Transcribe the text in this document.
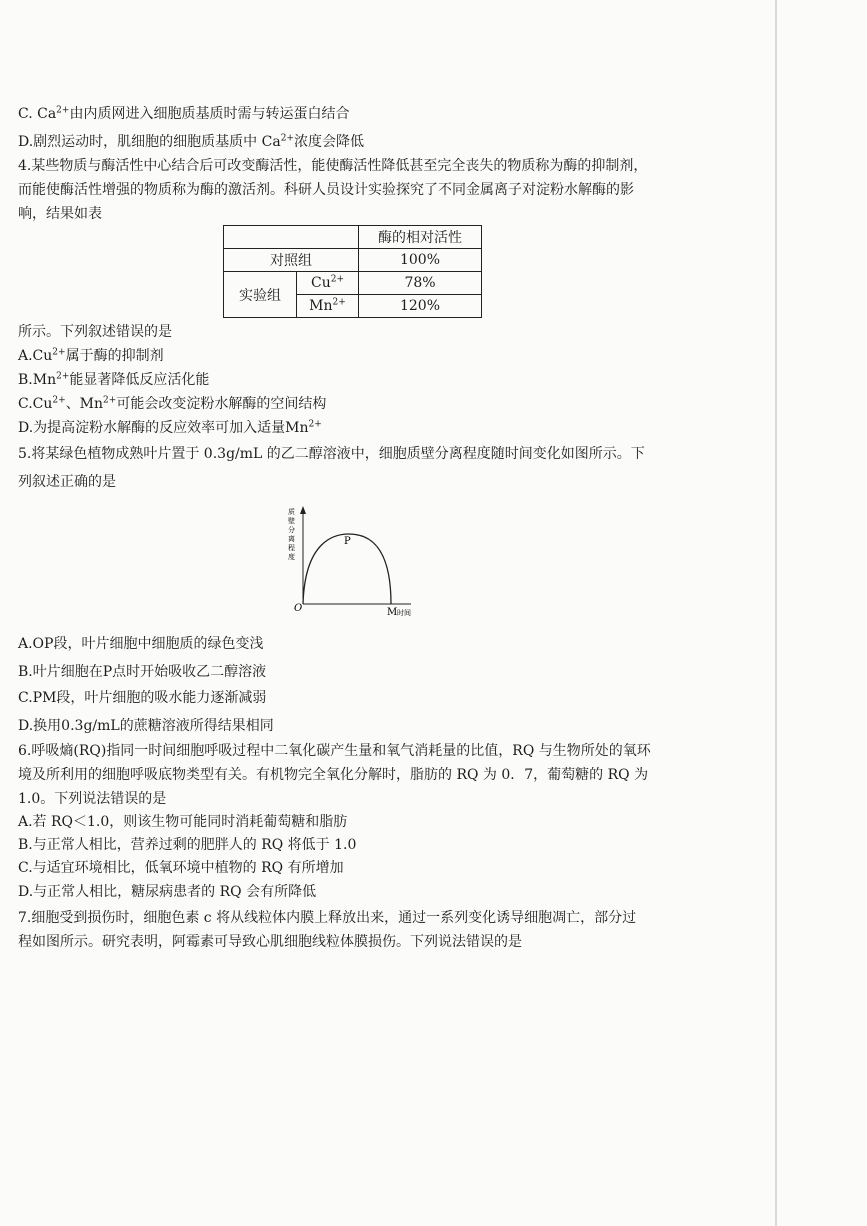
C. $Ca^{2+}$由内质网进入细胞质基质时需与转运蛋白结合
D.剧烈运动时，肌细胞的细胞质基质中 $Ca^{2+}$浓度会降低
4.某些物质与酶活性中心结合后可改变酶活性，能使酶活性降低甚至完全丧失的物质称为酶的抑制剂，
而能使酶活性增强的物质称为酶的激活剂。科研人员设计实验探究了不同金属离子对淀粉水解酶的影
响，结果如表
		酶的相对活性
对照组		100%
实验组	$Cu^{2+}$	78%
	$Mn^{2+}$	120%
所示。下列叙述错误的是
$A.Cu^{2+}$属于酶的抑制剂
$B.Mn^{2+}$能显著降低反应活化能
$C.Cu^{2+}$、$Mn^{2+}$可能会改变淀粉水解酶的空间结构
D.为提高淀粉水解酶的反应效率可加入适量$Mn^{2+}$
5.将某绿色植物成熟叶片置于 0.3g/mL 的乙二醇溶液中，细胞质壁分离程度随时间变化如图所示。下
列叙述正确的是
质壁分离程度
O
P
M 时间
A.OP段，叶片细胞中细胞质的绿色变浅
B.叶片细胞在P点时开始吸收乙二醇溶液
C.PM段，叶片细胞的吸水能力逐渐减弱
D.换用0.3g/mL的蔗糖溶液所得结果相同
6.呼吸熵(RQ)指同一时间细胞呼吸过程中二氧化碳产生量和氧气消耗量的比值，RQ 与生物所处的氧环
境及所利用的细胞呼吸底物类型有关。有机物完全氧化分解时，脂肪的 RQ 为 0．7，葡萄糖的 RQ 为
1.0。下列说法错误的是
A.若 RQ＜1.0，则该生物可能同时消耗葡萄糖和脂肪
B.与正常人相比，营养过剩的肥胖人的 RQ 将低于 1.0
C.与适宜环境相比，低氧环境中植物的 RQ 有所增加
D.与正常人相比，糖尿病患者的 RQ 会有所降低
7.细胞受到损伤时，细胞色素 c 将从线粒体内膜上释放出来，通过一系列变化诱导细胞凋亡，部分过
程如图所示。研究表明，阿霉素可导致心肌细胞线粒体膜损伤。下列说法错误的是
